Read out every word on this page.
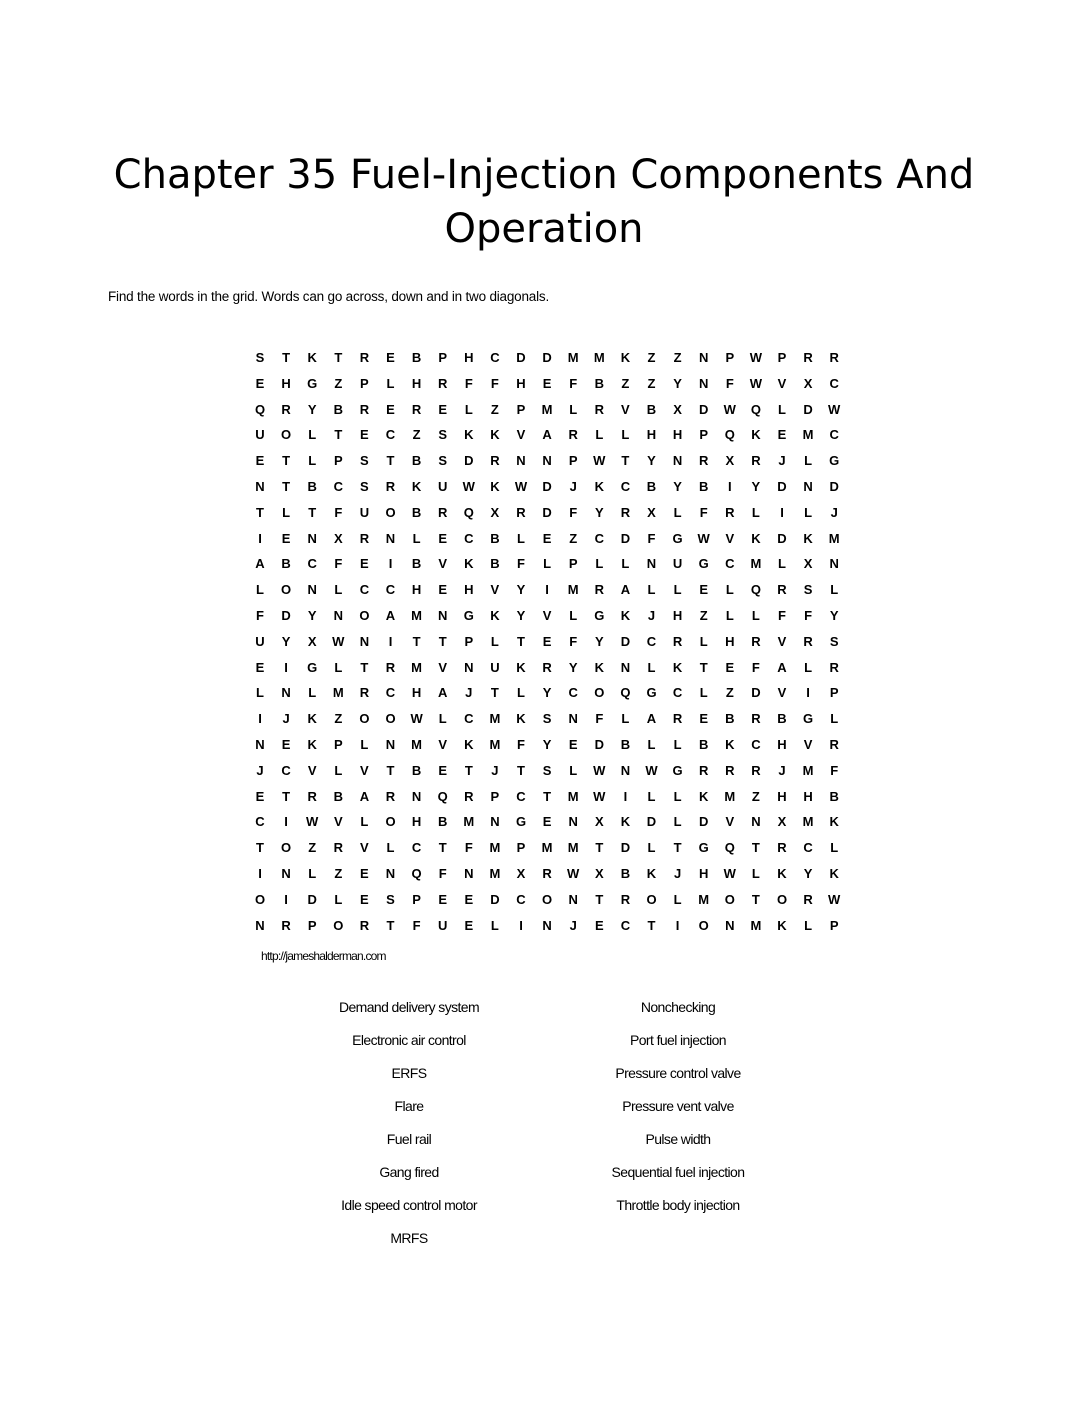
Chapter 35 Fuel-Injection Components And Operation

Find the words in the grid. Words can go across, down and in two diagonals.

S	T	K	T	R	E	B	P	H	C	D	D	M	M	K	Z	Z	N	P	W	P	R	R
E	H	G	Z	P	L	H	R	F	F	H	E	F	B	Z	Z	Y	N	F	W	V	X	C
Q	R	Y	B	R	E	R	E	L	Z	P	M	L	R	V	B	X	D	W	Q	L	D	W
U	O	L	T	E	C	Z	S	K	K	V	A	R	L	L	H	H	P	Q	K	E	M	C
E	T	L	P	S	T	B	S	D	R	N	N	P	W	T	Y	N	R	X	R	J	L	G
N	T	B	C	S	R	K	U	W	K	W	D	J	K	C	B	Y	B	I	Y	D	N	D
T	L	T	F	U	O	B	R	Q	X	R	D	F	Y	R	X	L	F	R	L	I	L	J
I	E	N	X	R	N	L	E	C	B	L	E	Z	C	D	F	G	W	V	K	D	K	M
A	B	C	F	E	I	B	V	K	B	F	L	P	L	L	N	U	G	C	M	L	X	N
L	O	N	L	C	C	H	E	H	V	Y	I	M	R	A	L	L	E	L	Q	R	S	L
F	D	Y	N	O	A	M	N	G	K	Y	V	L	G	K	J	H	Z	L	L	F	F	Y
U	Y	X	W	N	I	T	T	P	L	T	E	F	Y	D	C	R	L	H	R	V	R	S
E	I	G	L	T	R	M	V	N	U	K	R	Y	K	N	L	K	T	E	F	A	L	R
L	N	L	M	R	C	H	A	J	T	L	Y	C	O	Q	G	C	L	Z	D	V	I	P
I	J	K	Z	O	O	W	L	C	M	K	S	N	F	L	A	R	E	B	R	B	G	L
N	E	K	P	L	N	M	V	K	M	F	Y	E	D	B	L	L	B	K	C	H	V	R
J	C	V	L	V	T	B	E	T	J	T	S	L	W	N	W	G	R	R	R	J	M	F
E	T	R	B	A	R	N	Q	R	P	C	T	M	W	I	L	L	K	M	Z	H	H	B
C	I	W	V	L	O	H	B	M	N	G	E	N	X	K	D	L	D	V	N	X	M	K
T	O	Z	R	V	L	C	T	F	M	P	M	M	T	D	L	T	G	Q	T	R	C	L
I	N	L	Z	E	N	Q	F	N	M	X	R	W	X	B	K	J	H	W	L	K	Y	K
O	I	D	L	E	S	P	E	E	D	C	O	N	T	R	O	L	M	O	T	O	R	W
N	R	P	O	R	T	F	U	E	L	I	N	J	E	C	T	I	O	N	M	K	L	P
http://jameshalderman.com
Demand delivery system
Electronic air control
ERFS
Flare
Fuel rail
Gang fired
Idle speed control motor
MRFS
Nonchecking
Port fuel injection
Pressure control valve
Pressure vent valve
Pulse width
Sequential fuel injection
Throttle body injection
